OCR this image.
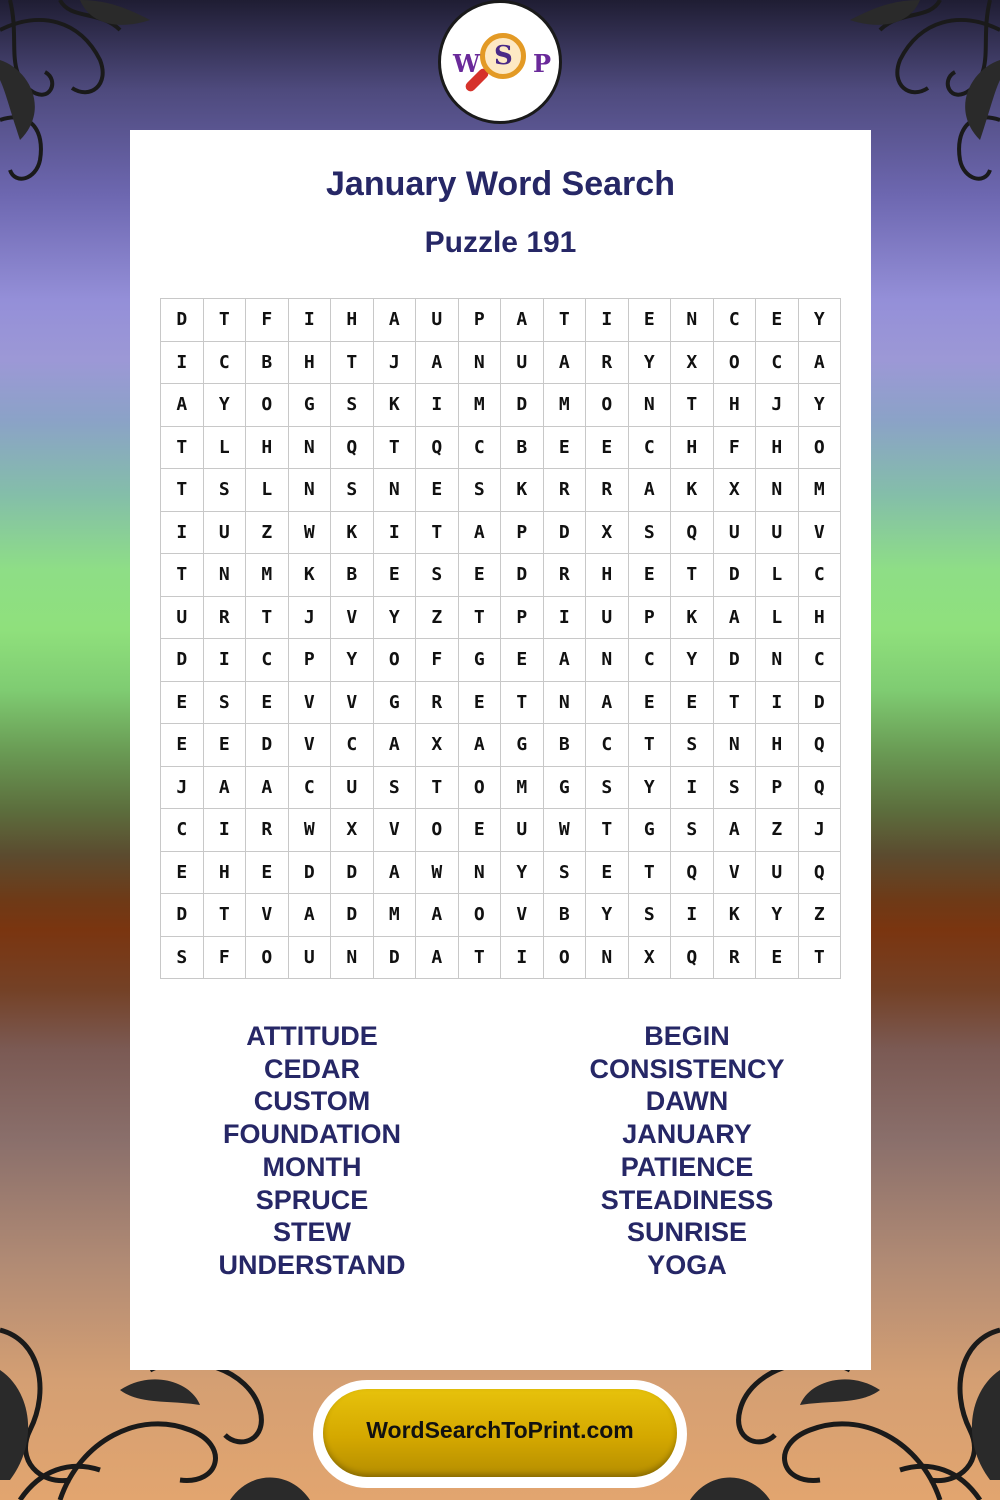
W S P
January Word Search
Puzzle 191
D	T	F	I	H	A	U	P	A	T	I	E	N	C	E	Y
I	C	B	H	T	J	A	N	U	A	R	Y	X	O	C	A
A	Y	O	G	S	K	I	M	D	M	O	N	T	H	J	Y
T	L	H	N	Q	T	Q	C	B	E	E	C	H	F	H	O
T	S	L	N	S	N	E	S	K	R	R	A	K	X	N	M
I	U	Z	W	K	I	T	A	P	D	X	S	Q	U	U	V
T	N	M	K	B	E	S	E	D	R	H	E	T	D	L	C
U	R	T	J	V	Y	Z	T	P	I	U	P	K	A	L	H
D	I	C	P	Y	O	F	G	E	A	N	C	Y	D	N	C
E	S	E	V	V	G	R	E	T	N	A	E	E	T	I	D
E	E	D	V	C	A	X	A	G	B	C	T	S	N	H	Q
J	A	A	C	U	S	T	O	M	G	S	Y	I	S	P	Q
C	I	R	W	X	V	O	E	U	W	T	G	S	A	Z	J
E	H	E	D	D	A	W	N	Y	S	E	T	Q	V	U	Q
D	T	V	A	D	M	A	O	V	B	Y	S	I	K	Y	Z
S	F	O	U	N	D	A	T	I	O	N	X	Q	R	E	T
ATTITUDE
CEDAR
CUSTOM
FOUNDATION
MONTH
SPRUCE
STEW
UNDERSTAND
BEGIN
CONSISTENCY
DAWN
JANUARY
PATIENCE
STEADINESS
SUNRISE
YOGA
WordSearchToPrint.com
